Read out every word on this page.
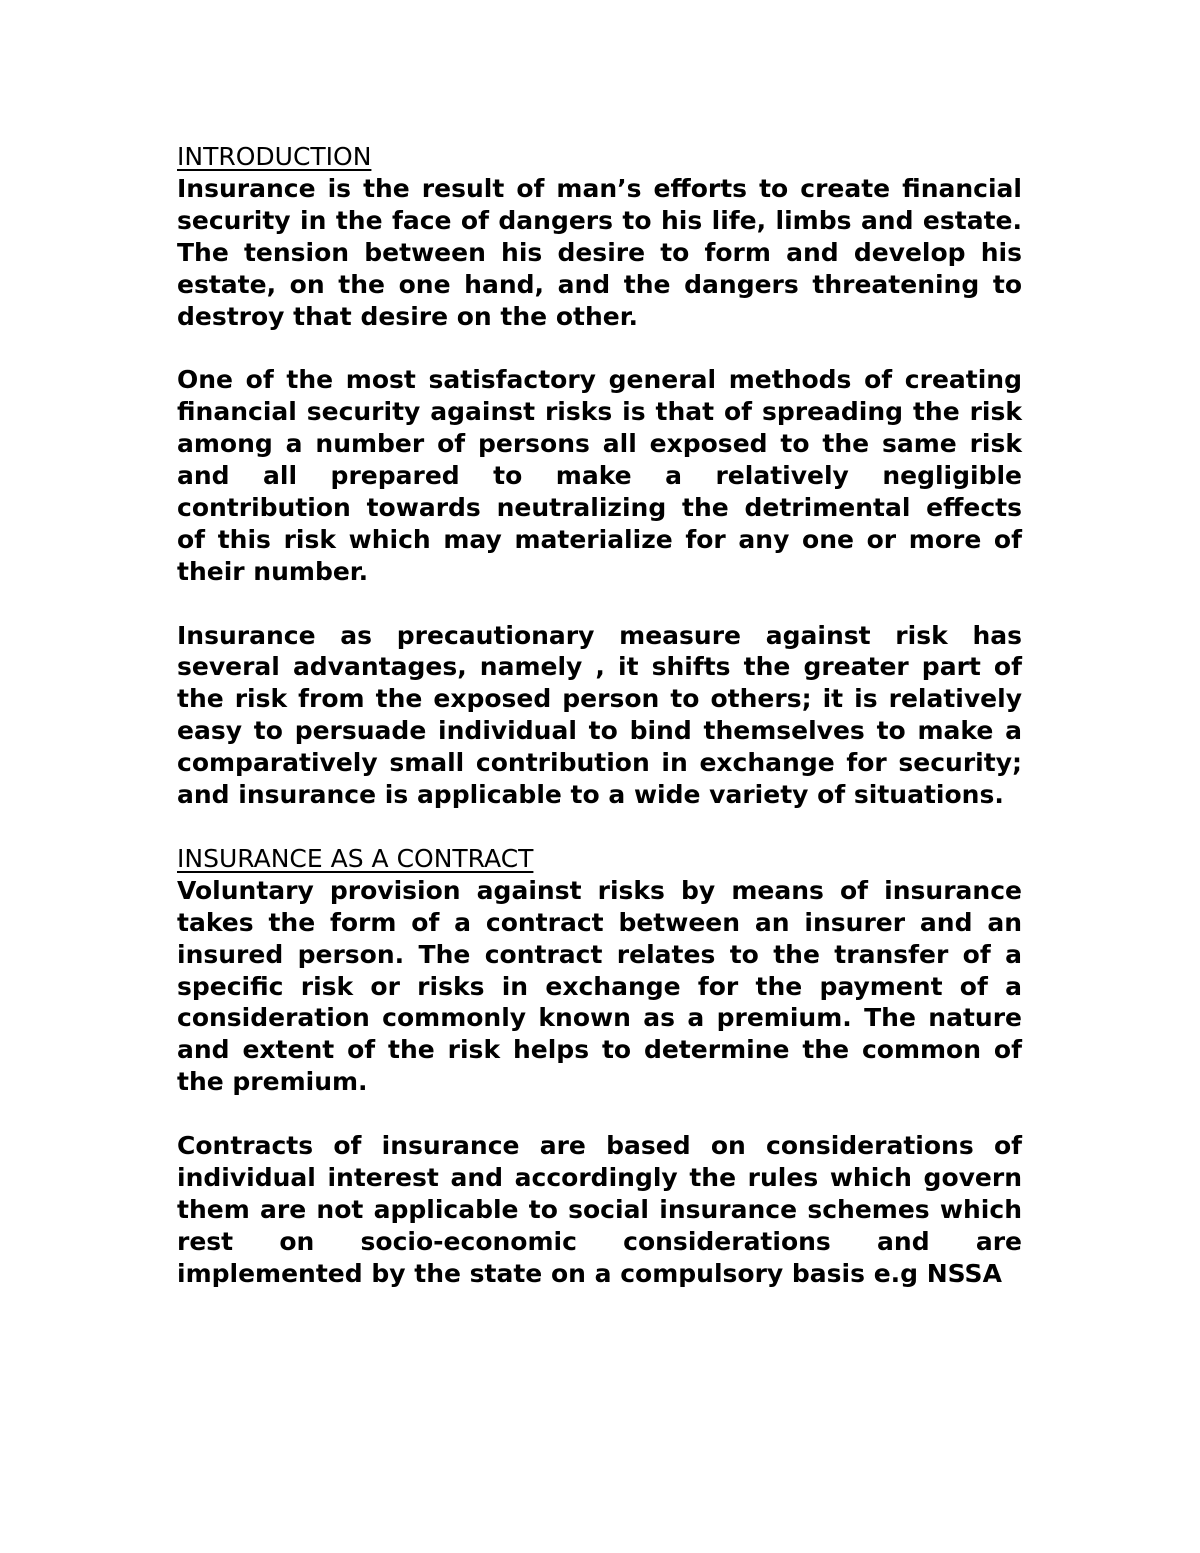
INTRODUCTION

Insurance is the result of man’s efforts to create financial security in the face of dangers to his life, limbs and estate. The tension between his desire to form and develop his estate, on the one hand, and the dangers threatening to destroy that desire on the other.

One of the most satisfactory general methods of creating financial security against risks is that of spreading the risk among a number of persons all exposed to the same risk and all prepared to make a relatively negligible contribution towards neutralizing the detrimental effects of this risk which may materialize for any one or more of their number.

Insurance as precautionary measure against risk has several advantages, namely , it shifts the greater part of the risk from the exposed person to others; it is relatively easy to persuade individual to bind themselves to make a comparatively small contribution in exchange for security; and insurance is applicable to a wide variety of situations.

INSURANCE AS A CONTRACT

Voluntary provision against risks by means of insurance takes the form of a contract between an insurer and an insured person. The contract relates to the transfer of a specific risk or risks in exchange for the payment of a consideration commonly known as a premium. The nature and extent of the risk helps to determine the common of the premium.

Contracts of insurance are based on considerations of individual interest and accordingly the rules which govern them are not applicable to social insurance schemes which rest on socio-economic considerations and are implemented by the state on a compulsory basis e.g NSSA
